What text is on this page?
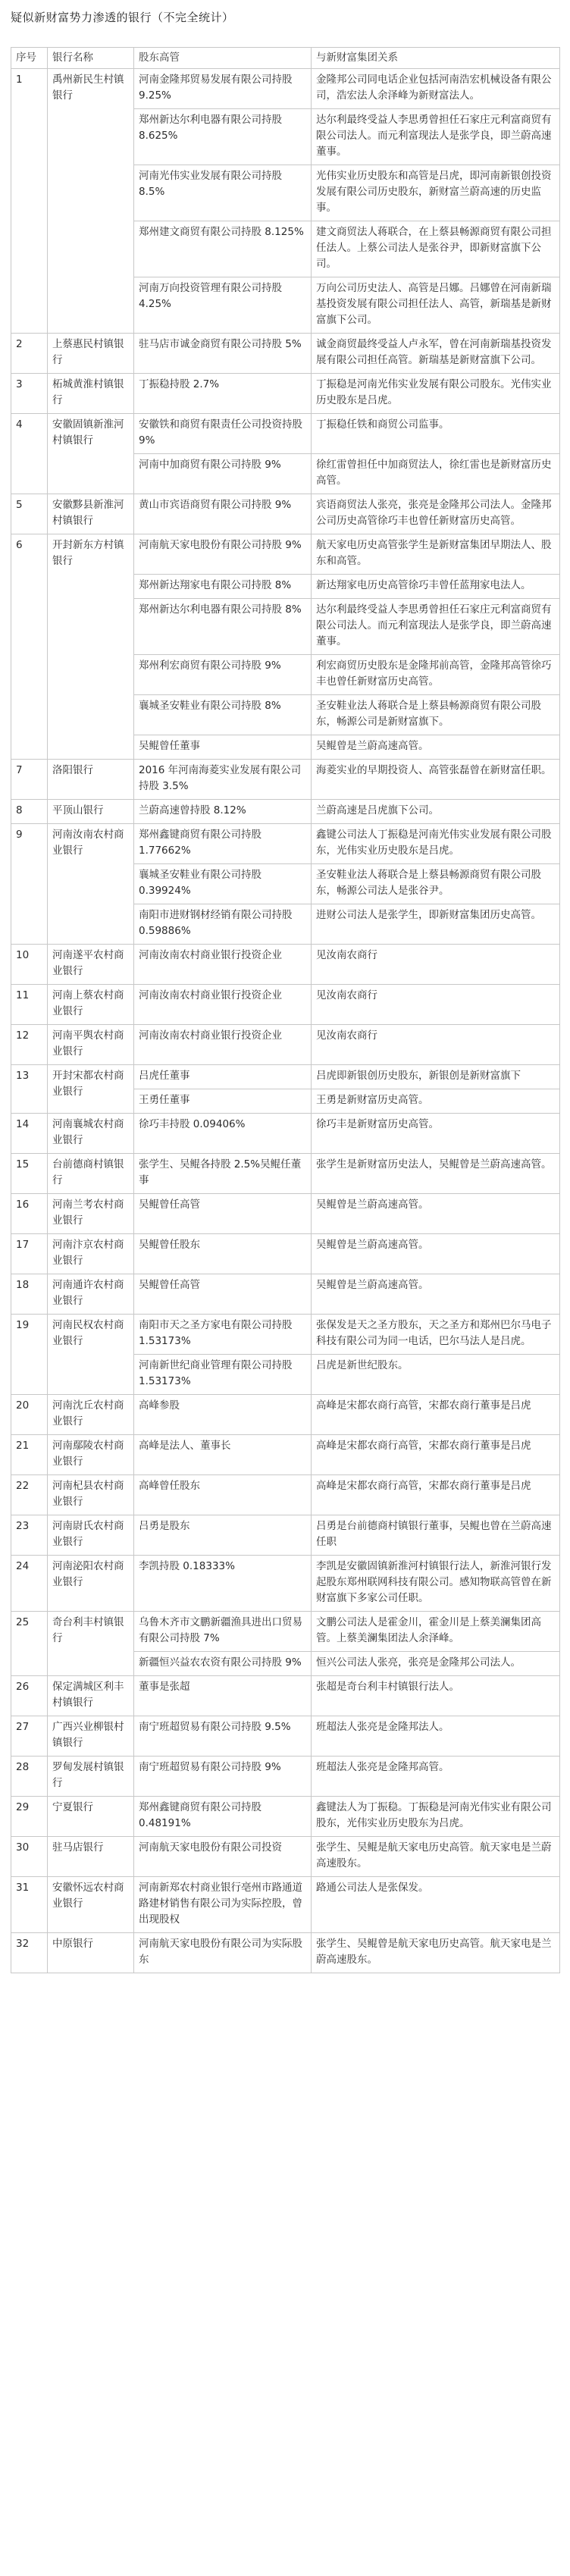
疑似新财富势力渗透的银行（不完全统计）
序号	银行名称	股东高管	与新财富集团关系
1	禹州新民生村镇银行	河南金隆邦贸易发展有限公司持股 9.25%	金隆邦公司同电话企业包括河南浩宏机械设备有限公司，浩宏法人余泽峰为新财富法人。
		郑州新达尔利电器有限公司持股 8.625%	达尔利最终受益人李思勇曾担任石家庄元利富商贸有限公司法人。而元利富现法人是张学良，即兰蔚高速董事。
		河南光伟实业发展有限公司持股 8.5%	光伟实业历史股东和高管是吕虎，即河南新银创投资发展有限公司历史股东，新财富兰蔚高速的历史监事。
		郑州建文商贸有限公司持股 8.125%	建文商贸法人蒋联合，在上蔡县畅源商贸有限公司担任法人。上蔡公司法人是张谷尹，即新财富旗下公司。
		河南万向投资管理有限公司持股 4.25%	万向公司历史法人、高管是吕娜。吕娜曾在河南新瑞基投资发展有限公司担任法人、高管，新瑞基是新财富旗下公司。
2	上蔡惠民村镇银行	驻马店市诚金商贸有限公司持股 5%	诚金商贸最终受益人卢永军，曾在河南新瑞基投资发展有限公司担任高管。新瑞基是新财富旗下公司。
3	柘城黄淮村镇银行	丁振稳持股 2.7%	丁振稳是河南光伟实业发展有限公司股东。光伟实业历史股东是吕虎。
4	安徽固镇新淮河村镇银行	安徽铁和商贸有限责任公司投资持股 9%	丁振稳任铁和商贸公司监事。
		河南中加商贸有限公司持股 9%	徐红雷曾担任中加商贸法人，徐红雷也是新财富历史高管。
5	安徽黟县新淮河村镇银行	黄山市宾语商贸有限公司持股 9%	宾语商贸法人张亮，张亮是金隆邦公司法人。金隆邦公司历史高管徐巧丰也曾任新财富历史高管。
6	开封新东方村镇银行	河南航天家电股份有限公司持股 9%	航天家电历史高管张学生是新财富集团早期法人、股东和高管。
		郑州新达翔家电有限公司持股 8%	新达翔家电历史高管徐巧丰曾任蓝翔家电法人。
		郑州新达尔利电器有限公司持股 8%	达尔利最终受益人李思勇曾担任石家庄元利富商贸有限公司法人。而元利富现法人是张学良，即兰蔚高速董事。
		郑州利宏商贸有限公司持股 9%	利宏商贸历史股东是金隆邦前高管，金隆邦高管徐巧丰也曾任新财富历史高管。
		襄城圣安鞋业有限公司持股 8%	圣安鞋业法人蒋联合是上蔡县畅源商贸有限公司股东，畅源公司是新财富旗下。
		吴鲲曾任董事	吴鲲曾是兰蔚高速高管。
7	洛阳银行	2016 年河南海菱实业发展有限公司持股 3.5%	海菱实业的早期投资人、高管张磊曾在新财富任职。
8	平顶山银行	兰蔚高速曾持股 8.12%	兰蔚高速是吕虎旗下公司。
9	河南汝南农村商业银行	郑州鑫键商贸有限公司持股 1.77662%	鑫键公司法人丁振稳是河南光伟实业发展有限公司股东，光伟实业历史股东是吕虎。
		襄城圣安鞋业有限公司持股 0.39924%	圣安鞋业法人蒋联合是上蔡县畅源商贸有限公司股东，畅源公司法人是张谷尹。
		南阳市进财钢材经销有限公司持股 0.59886%	进财公司法人是张学生，即新财富集团历史高管。
10	河南遂平农村商业银行	河南汝南农村商业银行投资企业	见汝南农商行
11	河南上蔡农村商业银行	河南汝南农村商业银行投资企业	见汝南农商行
12	河南平舆农村商业银行	河南汝南农村商业银行投资企业	见汝南农商行
13	开封宋都农村商业银行	吕虎任董事	吕虎即新银创历史股东，新银创是新财富旗下
		王勇任董事	王勇是新财富历史高管。
14	河南襄城农村商业银行	徐巧丰持股 0.09406%	徐巧丰是新财富历史高管。
15	台前德商村镇银行	张学生、吴鲲各持股 2.5%吴鲲任董事	张学生是新财富历史法人，吴鲲曾是兰蔚高速高管。
16	河南兰考农村商业银行	吴鲲曾任高管	吴鲲曾是兰蔚高速高管。
17	河南汴京农村商业银行	吴鲲曾任股东	吴鲲曾是兰蔚高速高管。
18	河南通许农村商业银行	吴鲲曾任高管	吴鲲曾是兰蔚高速高管。
19	河南民权农村商业银行	南阳市天之圣方家电有限公司持股 1.53173%	张保发是天之圣方股东，天之圣方和郑州巴尔马电子科技有限公司为同一电话，巴尔马法人是吕虎。
		河南新世纪商业管理有限公司持股 1.53173%	吕虎是新世纪股东。
20	河南沈丘农村商业银行	高峰参股	高峰是宋都农商行高管，宋都农商行董事是吕虎
21	河南鄢陵农村商业银行	高峰是法人、董事长	高峰是宋都农商行高管，宋都农商行董事是吕虎
22	河南杞县农村商业银行	高峰曾任股东	高峰是宋都农商行高管，宋都农商行董事是吕虎
23	河南尉氏农村商业银行	吕勇是股东	吕勇是台前德商村镇银行董事，吴鲲也曾在兰蔚高速任职
24	河南泌阳农村商业银行	李凯持股 0.18333%	李凯是安徽固镇新淮河村镇银行法人，新淮河银行发起股东郑州联网科技有限公司。感知物联高管曾在新财富旗下多家公司任职。
25	奇台利丰村镇银行	乌鲁木齐市文鹏新疆渔具进出口贸易有限公司持股 7%	文鹏公司法人是霍金川，霍金川是上蔡美澜集团高管。上蔡美澜集团法人余泽峰。
		新疆恒兴益农农资有限公司持股 9%	恒兴公司法人张亮，张亮是金隆邦公司法人。
26	保定满城区利丰村镇银行	董事是张超	张超是奇台利丰村镇银行法人。
27	广西兴业柳银村镇银行	南宁班超贸易有限公司持股 9.5%	班超法人张亮是金隆邦法人。
28	罗甸发展村镇银行	南宁班超贸易有限公司持股 9%	班超法人张亮是金隆邦高管。
29	宁夏银行	郑州鑫键商贸有限公司持股 0.48191%	鑫键法人为丁振稳。丁振稳是河南光伟实业有限公司股东，光伟实业历史股东为吕虎。
30	驻马店银行	河南航天家电股份有限公司投资	张学生、吴鲲是航天家电历史高管。航天家电是兰蔚高速股东。
31	安徽怀远农村商业银行	河南新郑农村商业银行亳州市路通道路建材销售有限公司为实际控股，曾出现股权	路通公司法人是张保发。
32	中原银行	河南航天家电股份有限公司为实际股东	张学生、吴鲲曾是航天家电历史高管。航天家电是兰蔚高速股东。
